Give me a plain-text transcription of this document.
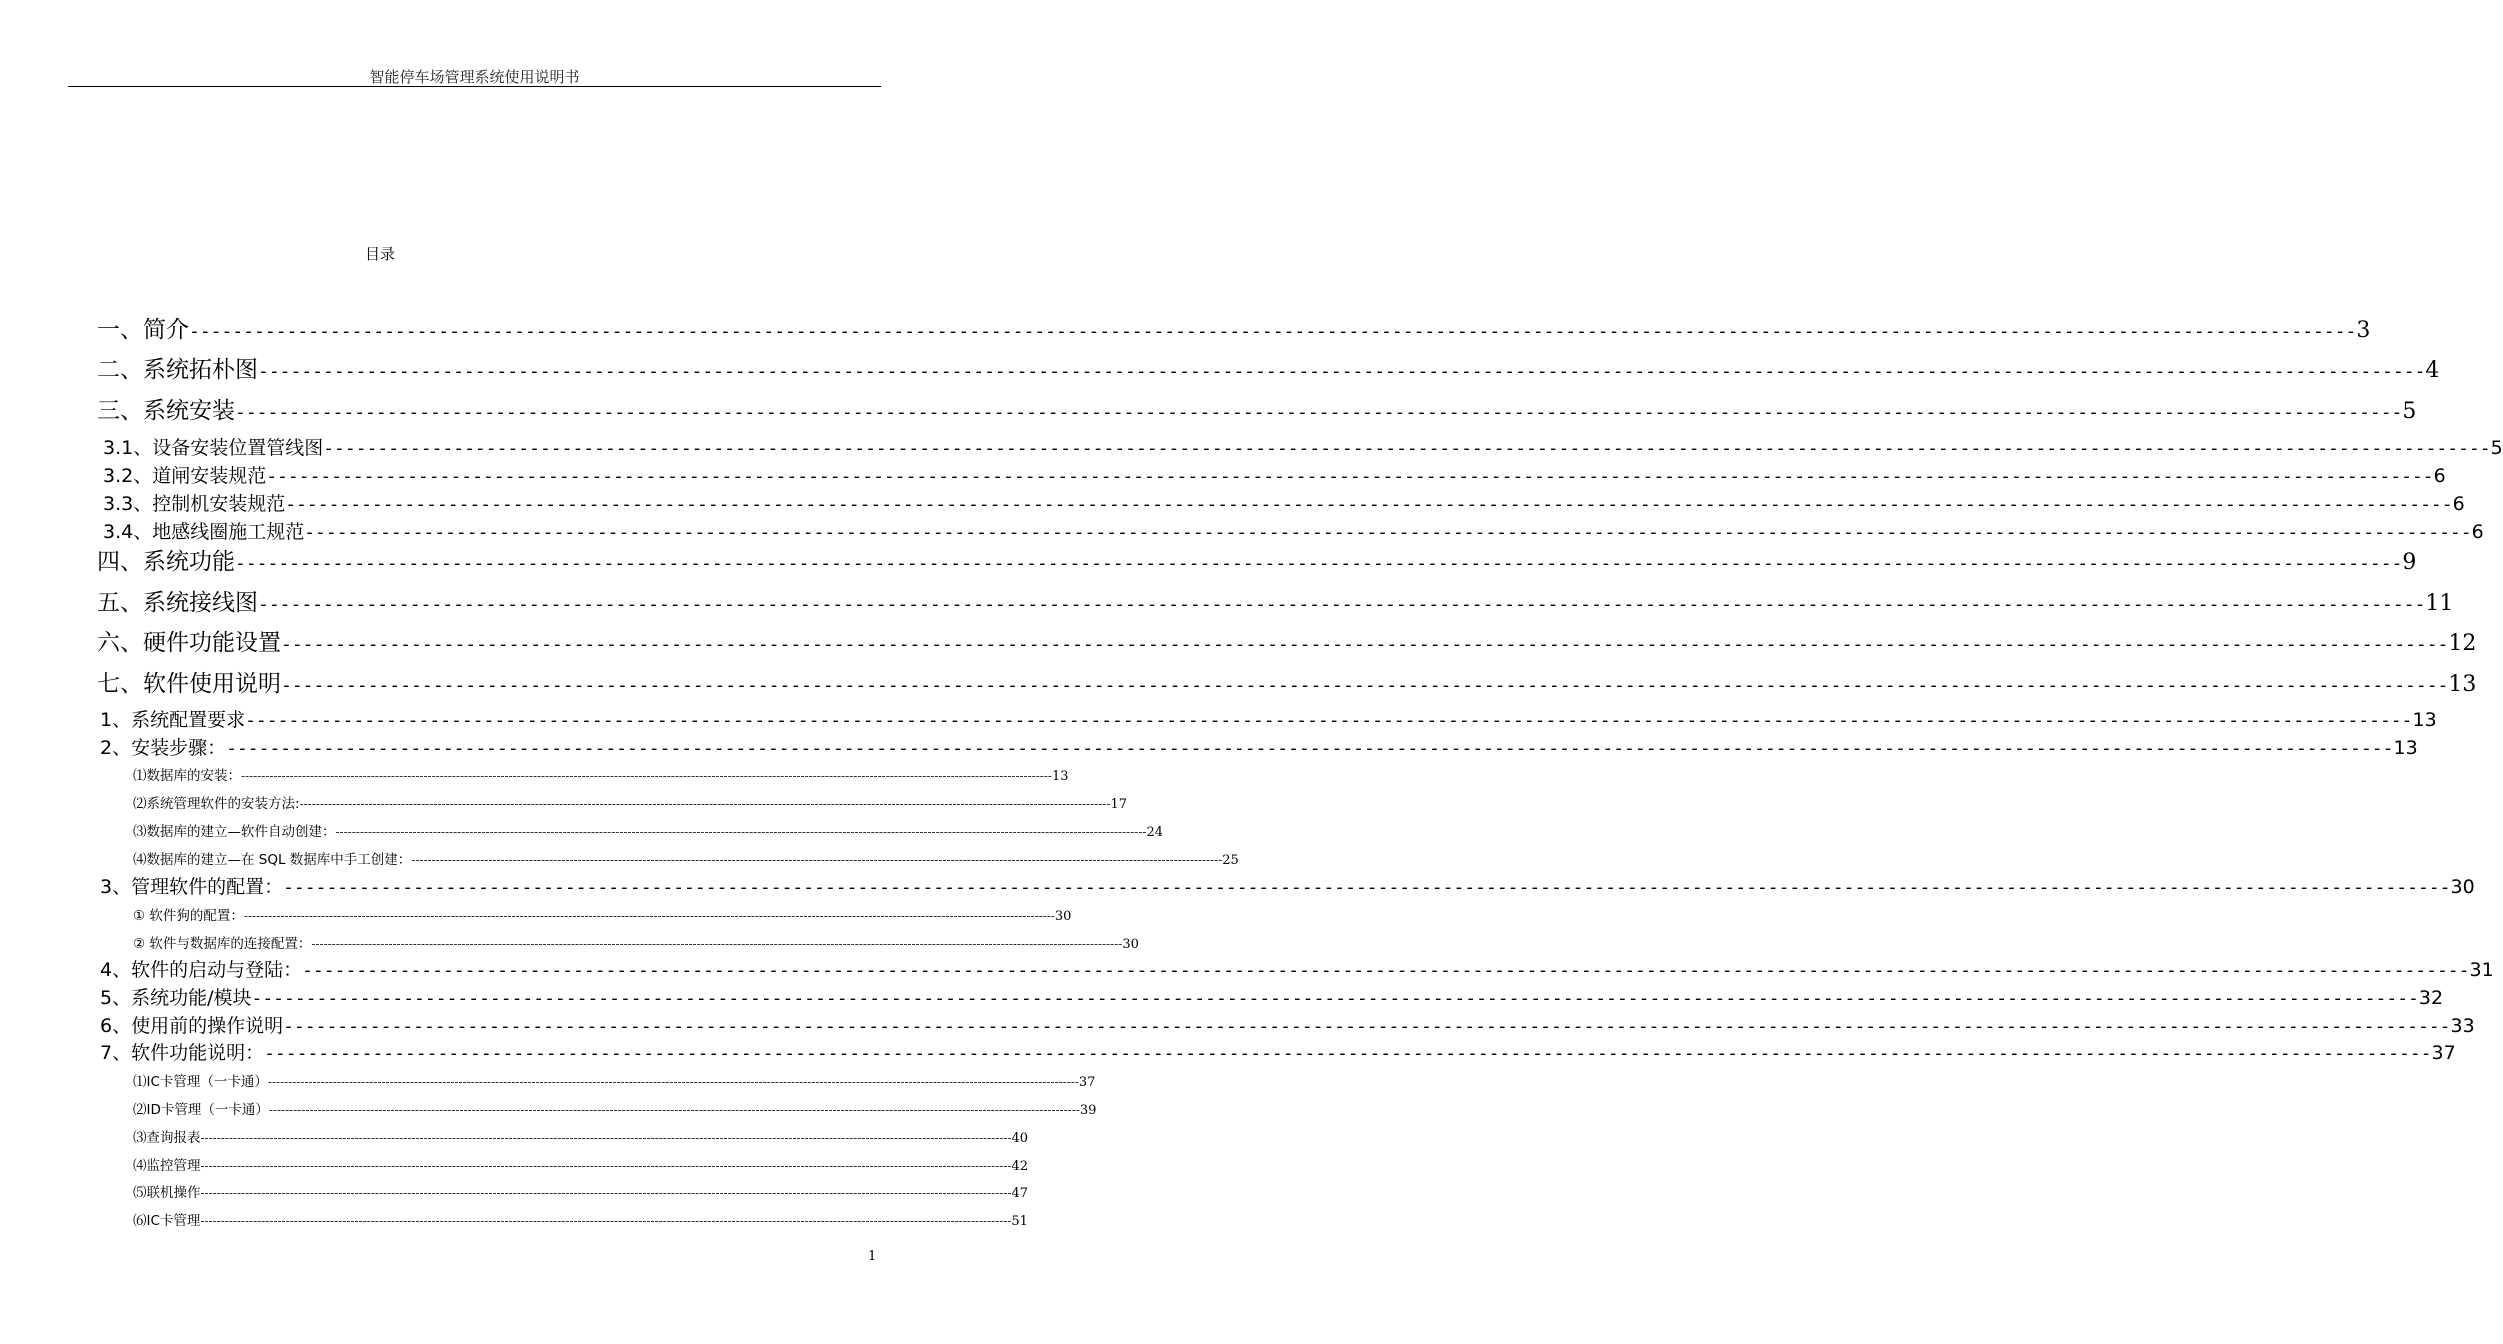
智能停车场管理系统使用说明书
目录
一、简介 -------------------------------------------------------------------------------------------------------------------------------------------------------------------------------------------------------- 3
二、系统拓朴图 -------------------------------------------------------------------------------------------------------------------------------------------------------------------------------------------------------- 4
三、系统安装 -------------------------------------------------------------------------------------------------------------------------------------------------------------------------------------------------------- 5
3.1、设备安装位置管线图 -------------------------------------------------------------------------------------------------------------------------------------------------------------------------------------------------------- 5
3.2、道闸安装规范 -------------------------------------------------------------------------------------------------------------------------------------------------------------------------------------------------------- 6
3.3、控制机安装规范 -------------------------------------------------------------------------------------------------------------------------------------------------------------------------------------------------------- 6
3.4、地感线圈施工规范 -------------------------------------------------------------------------------------------------------------------------------------------------------------------------------------------------------- 6
四、系统功能 -------------------------------------------------------------------------------------------------------------------------------------------------------------------------------------------------------- 9
五、系统接线图 -------------------------------------------------------------------------------------------------------------------------------------------------------------------------------------------------------- 11
六、硬件功能设置 -------------------------------------------------------------------------------------------------------------------------------------------------------------------------------------------------------- 12
七、软件使用说明 -------------------------------------------------------------------------------------------------------------------------------------------------------------------------------------------------------- 13
1、系统配置要求 -------------------------------------------------------------------------------------------------------------------------------------------------------------------------------------------------------- 13
2、安装步骤： -------------------------------------------------------------------------------------------------------------------------------------------------------------------------------------------------------- 13
⑴数据库的安装： -------------------------------------------------------------------------------------------------------------------------------------------------------------------------------------------------------- 13
⑵系统管理软件的安装方法: -------------------------------------------------------------------------------------------------------------------------------------------------------------------------------------------------------- 17
⑶数据库的建立—软件自动创建： -------------------------------------------------------------------------------------------------------------------------------------------------------------------------------------------------------- 24
⑷数据库的建立—在 SQL 数据库中手工创建： -------------------------------------------------------------------------------------------------------------------------------------------------------------------------------------------------------- 25
3、管理软件的配置： -------------------------------------------------------------------------------------------------------------------------------------------------------------------------------------------------------- 30
① 软件狗的配置： -------------------------------------------------------------------------------------------------------------------------------------------------------------------------------------------------------- 30
② 软件与数据库的连接配置： -------------------------------------------------------------------------------------------------------------------------------------------------------------------------------------------------------- 30
4、软件的启动与登陆： -------------------------------------------------------------------------------------------------------------------------------------------------------------------------------------------------------- 31
5、系统功能/模块 -------------------------------------------------------------------------------------------------------------------------------------------------------------------------------------------------------- 32
6、使用前的操作说明 -------------------------------------------------------------------------------------------------------------------------------------------------------------------------------------------------------- 33
7、软件功能说明： -------------------------------------------------------------------------------------------------------------------------------------------------------------------------------------------------------- 37
⑴IC卡管理（一卡通） -------------------------------------------------------------------------------------------------------------------------------------------------------------------------------------------------------- 37
⑵ID卡管理（一卡通） -------------------------------------------------------------------------------------------------------------------------------------------------------------------------------------------------------- 39
⑶查询报表 -------------------------------------------------------------------------------------------------------------------------------------------------------------------------------------------------------- 40
⑷监控管理 -------------------------------------------------------------------------------------------------------------------------------------------------------------------------------------------------------- 42
⑸联机操作 -------------------------------------------------------------------------------------------------------------------------------------------------------------------------------------------------------- 47
⑹IC卡管理 -------------------------------------------------------------------------------------------------------------------------------------------------------------------------------------------------------- 51
1
